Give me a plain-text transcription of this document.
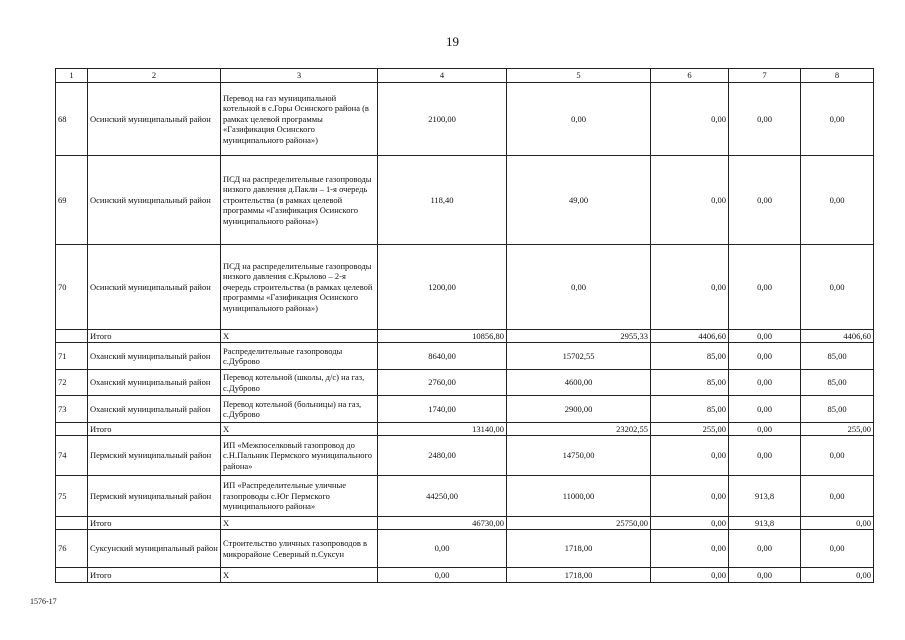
19
1	2	3	4	5	6	7	8
68	Осинский муниципальный район	Перевод на газ муниципальной котельной в с.Горы Осинского района (в рамках целевой программы «Газификация Осинского муниципального района»)	2100,00	0,00	0,00	0,00	0,00
69	Осинский муниципальный район	ПСД на распределительные газопроводы низкого давления д.Пакли – 1-я очередь строительства (в рамках целевой программы «Газификация Осинского муниципального района»)	118,40	49,00	0,00	0,00	0,00
70	Осинский муниципальный район	ПСД на распределительные газопроводы низкого давления с.Крылово – 2-я очередь строительства (в рамках целевой программы «Газификация Осинского муниципального района»)	1200,00	0,00	0,00	0,00	0,00
	Итого	Х	10856,80	2955,33	4406,60	0,00	4406,60
71	Оханский муниципальный район	Распределительные газопроводы с.Дуброво	8640,00	15702,55	85,00	0,00	85,00
72	Оханский муниципальный район	Перевод котельной (школы, д/с) на газ, с.Дуброво	2760,00	4600,00	85,00	0,00	85,00
73	Оханский муниципальный район	Перевод котельной (больницы) на газ, с.Дуброво	1740,00	2900,00	85,00	0,00	85,00
	Итого	Х	13140,00	23202,55	255,00	0,00	255,00
74	Пермский муниципальный район	ИП «Межпоселковый газопровод до с.Н.Пальник Пермского муниципального района»	2480,00	14750,00	0,00	0,00	0,00
75	Пермский муниципальный район	ИП «Распределительные уличные газопроводы с.Юг Пермского муниципального района»	44250,00	11000,00	0,00	913,8	0,00
	Итого	Х	46730,00	25750,00	0,00	913,8	0,00
76	Суксунский муниципальный район	Строительство уличных газопроводов в микрорайоне Северный п.Суксун	0,00	1718,00	0,00	0,00	0,00
	Итого	Х	0,00	1718,00	0,00	0,00	0,00
1576-17
